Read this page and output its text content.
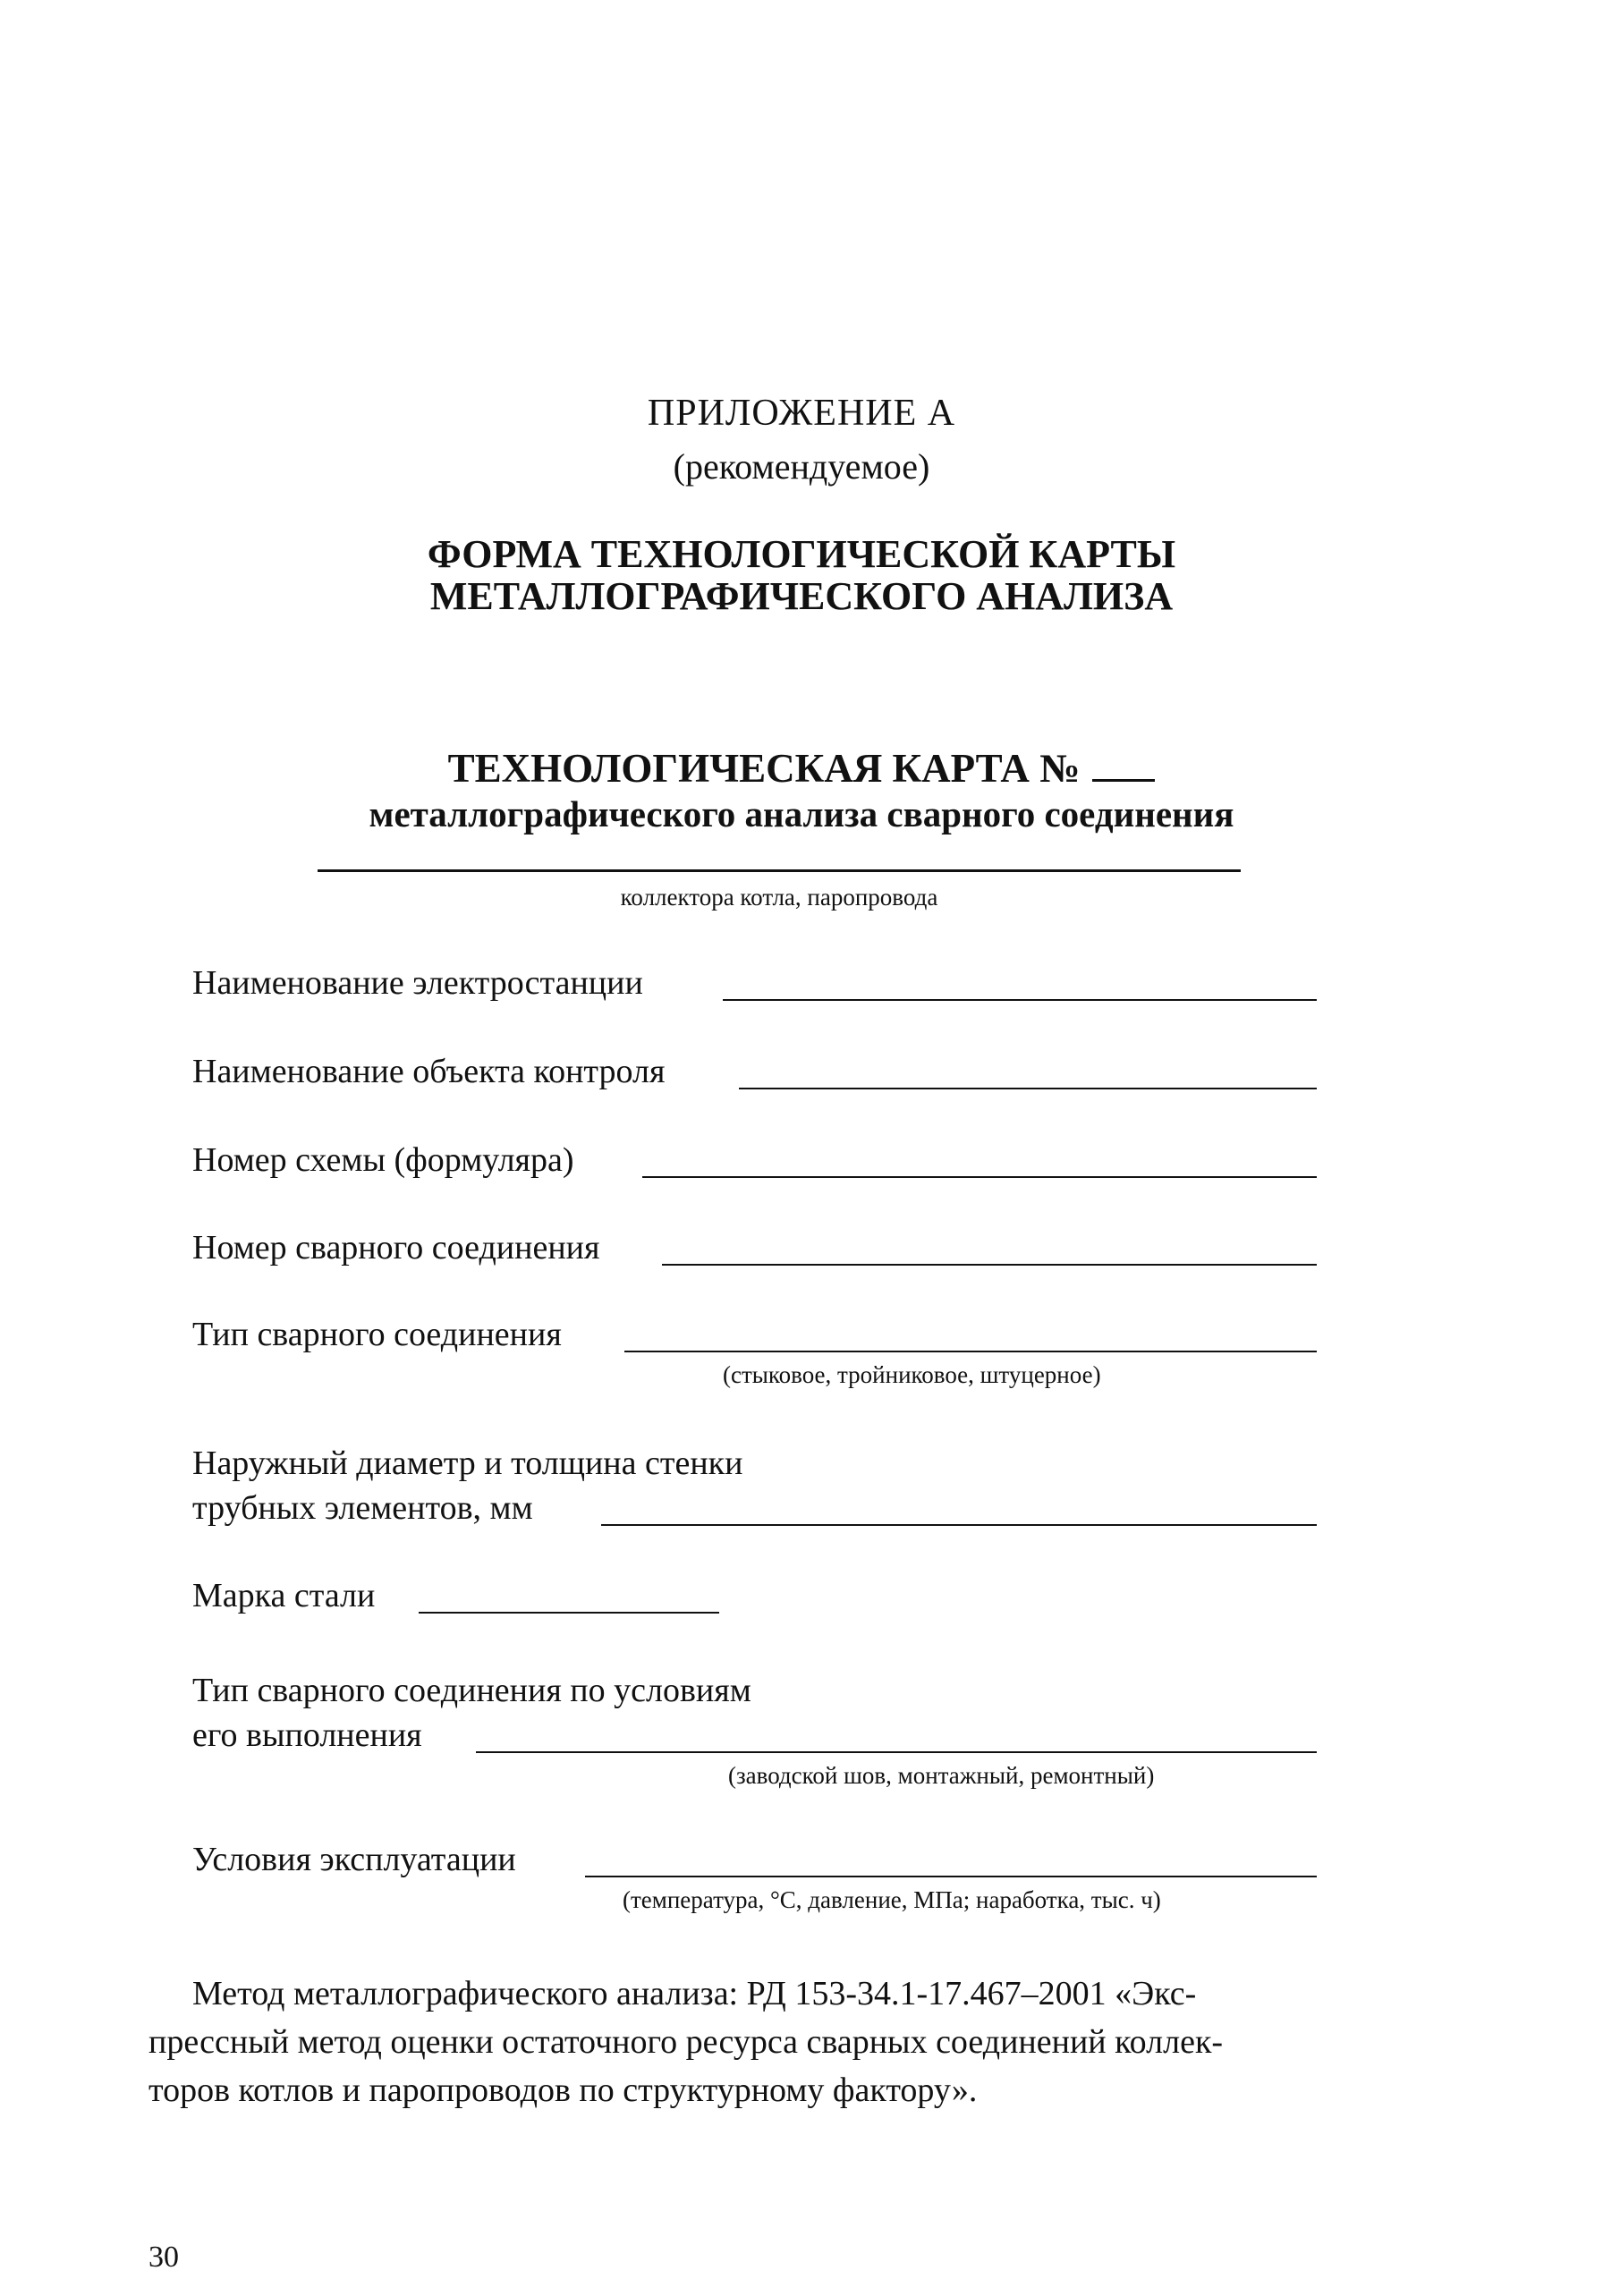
ПРИЛОЖЕНИЕ А
(рекомендуемое)
ФОРМА ТЕХНОЛОГИЧЕСКОЙ КАРТЫ
МЕТАЛЛОГРАФИЧЕСКОГО АНАЛИЗА
ТЕХНОЛОГИЧЕСКАЯ КАРТА №
металлографического анализа сварного соединения
коллектора котла, паропровода
Наименование электростанции
Наименование объекта контроля
Номер схемы (формуляра)
Номер сварного соединения
Тип сварного соединения
(стыковое, тройниковое, штуцерное)
Наружный диаметр и толщина стенки
трубных элементов, мм
Марка стали
Тип сварного соединения по условиям
его выполнения
(заводской шов, монтажный, ремонтный)
Условия эксплуатации
(температура, °С, давление, МПа; наработка, тыс. ч)
Метод металлографического анализа: РД 153-34.1-17.467–2001 «Экс-
прессный метод оценки остаточного ресурса сварных соединений коллек-
торов котлов и паропроводов по структурному фактору».
30
